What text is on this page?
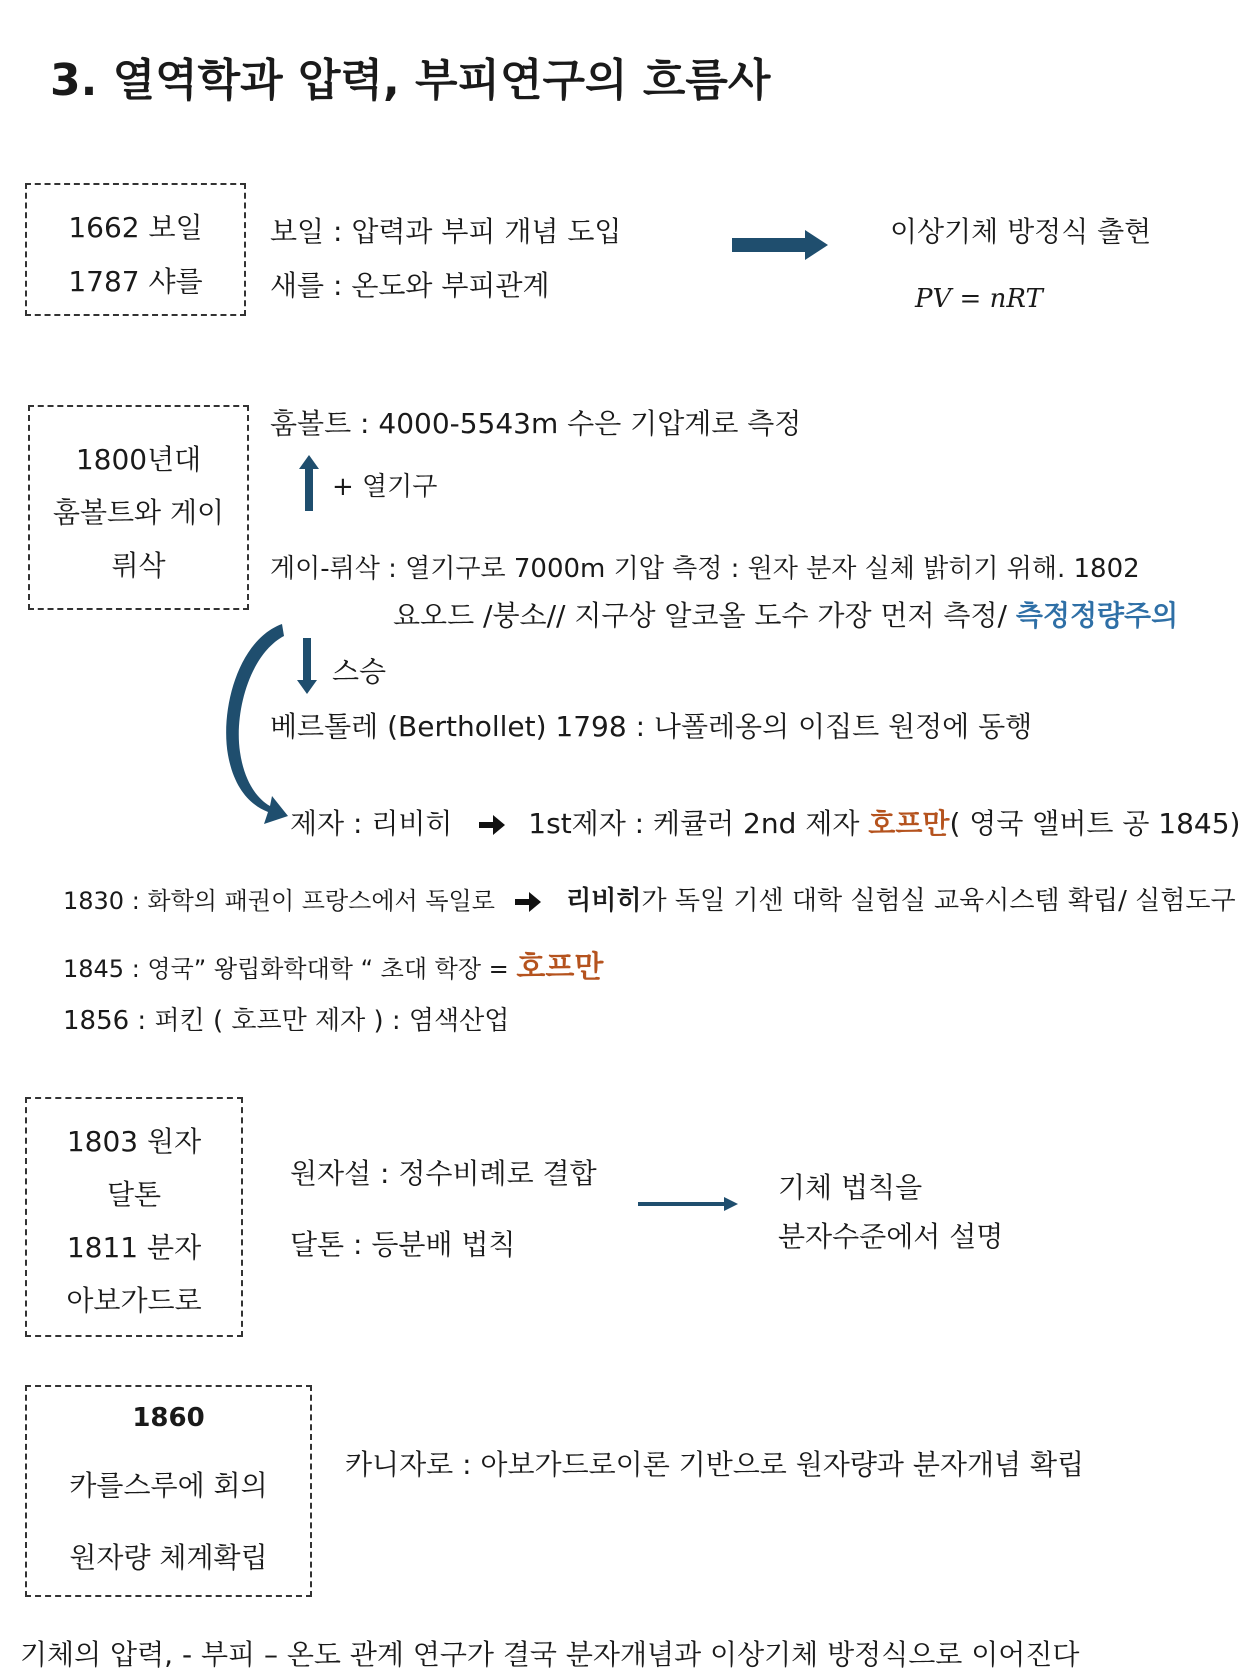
3. 열역학과 압력, 부피연구의 흐름사
1662 보일
1787 샤를
보일 : 압력과 부피 개념 도입
새를 : 온도와 부피관계
이상기체 방정식 출현
PV = nRT
1800년대
훔볼트와 게이
뤼삭
훔볼트 : 4000-5543m 수은 기압계로 측정
+ 열기구
게이-뤼삭 : 열기구로 7000m 기압 측정 : 원자 분자 실체 밝히기 위해. 1802
요오드 /붕소// 지구상 알코올 도수 가장 먼저 측정/ 측정정량주의
스승
베르톨레 (Berthollet) 1798 : 나폴레옹의 이집트 원정에 동행
제자 : 리비히	1st제자 : 케큘러 2nd 제자 호프만( 영국 앨버트 공 1845)
1830 : 화학의 패권이 프랑스에서 독일로	리비히가 독일 기센 대학 실험실 교육시스템 확립/ 실험도구
1845 : 영국” 왕립화학대학 “ 초대 학장 = 호프만
1856 : 퍼킨 ( 호프만 제자 ) : 염색산업
1803 원자
달톤
1811 분자
아보가드로
원자설 : 정수비례로 결합
달톤 : 등분배 법칙
기체 법칙을
분자수준에서 설명
1860
카를스루에 회의
원자량 체계확립
카니자로 : 아보가드로이론 기반으로 원자량과 분자개념 확립
기체의 압력, - 부피 – 온도 관계 연구가 결국 분자개념과 이상기체 방정식으로 이어진다
